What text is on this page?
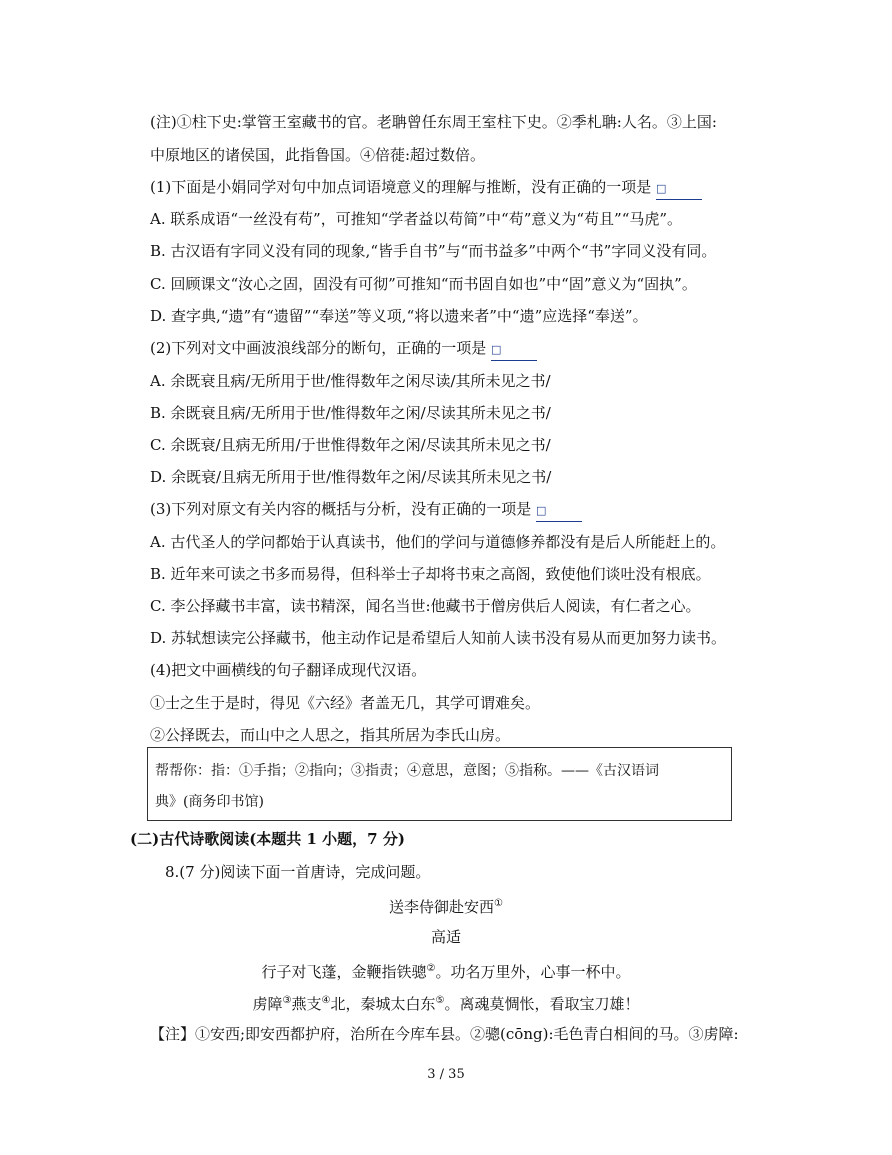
(注)①柱下史:掌管王室藏书的官。老聃曾任东周王室柱下史。②季札聃:人名。③上国:
中原地区的诸侯国，此指鲁国。④倍蓰:超过数倍。
(1)下面是小娟同学对句中加点词语境意义的理解与推断，没有正确的一项是 □
A. 联系成语“一丝没有苟”，可推知“学者益以苟简”中“苟”意义为“苟且”“马虎”。
B. 古汉语有字同义没有同的现象,“皆手自书”与“而书益多”中两个“书”字同义没有同。
C. 回顾课文“汝心之固，固没有可彻”可推知“而书固自如也”中“固”意义为“固执”。
D. 查字典,“遗”有“遗留”“奉送”等义项,“将以遗来者”中“遗”应选择“奉送”。
(2)下列对文中画波浪线部分的断句，正确的一项是 □
A. 余既衰且病/无所用于世/惟得数年之闲尽读/其所未见之书/
B. 余既衰且病/无所用于世/惟得数年之闲/尽读其所未见之书/
C. 余既衰/且病无所用/于世惟得数年之闲/尽读其所未见之书/
D. 余既衰/且病无所用于世/惟得数年之闲/尽读其所未见之书/
(3)下列对原文有关内容的概括与分析，没有正确的一项是 □
A. 古代圣人的学问都始于认真读书，他们的学问与道德修养都没有是后人所能赶上的。
B. 近年来可读之书多而易得，但科举士子却将书束之高阁，致使他们谈吐没有根底。
C. 李公择藏书丰富，读书精深，闻名当世:他藏书于僧房供后人阅读，有仁者之心。
D. 苏轼想读完公择藏书，他主动作记是希望后人知前人读书没有易从而更加努力读书。
(4)把文中画横线的句子翻译成现代汉语。
①士之生于是时，得见《六经》者盖无几，其学可谓难矣。
②公择既去，而山中之人思之，指其所居为李氏山房。
帮帮你：指：①手指；②指向；③指责；④意思，意图；⑤指称。——《古汉语词
典》(商务印书馆)
(二)古代诗歌阅读(本题共 1 小题，7 分)
8.(7 分)阅读下面一首唐诗，完成问题。
送李侍御赴安西①
高适
行子对飞蓬，金鞭指铁骢②。功名万里外，心事一杯中。
虏障③燕支④北，秦城太白东⑤。离魂莫惆怅，看取宝刀雄！
【注】①安西;即安西都护府，治所在今库车县。②骢(cōng):毛色青白相间的马。③虏障:
3 / 35
